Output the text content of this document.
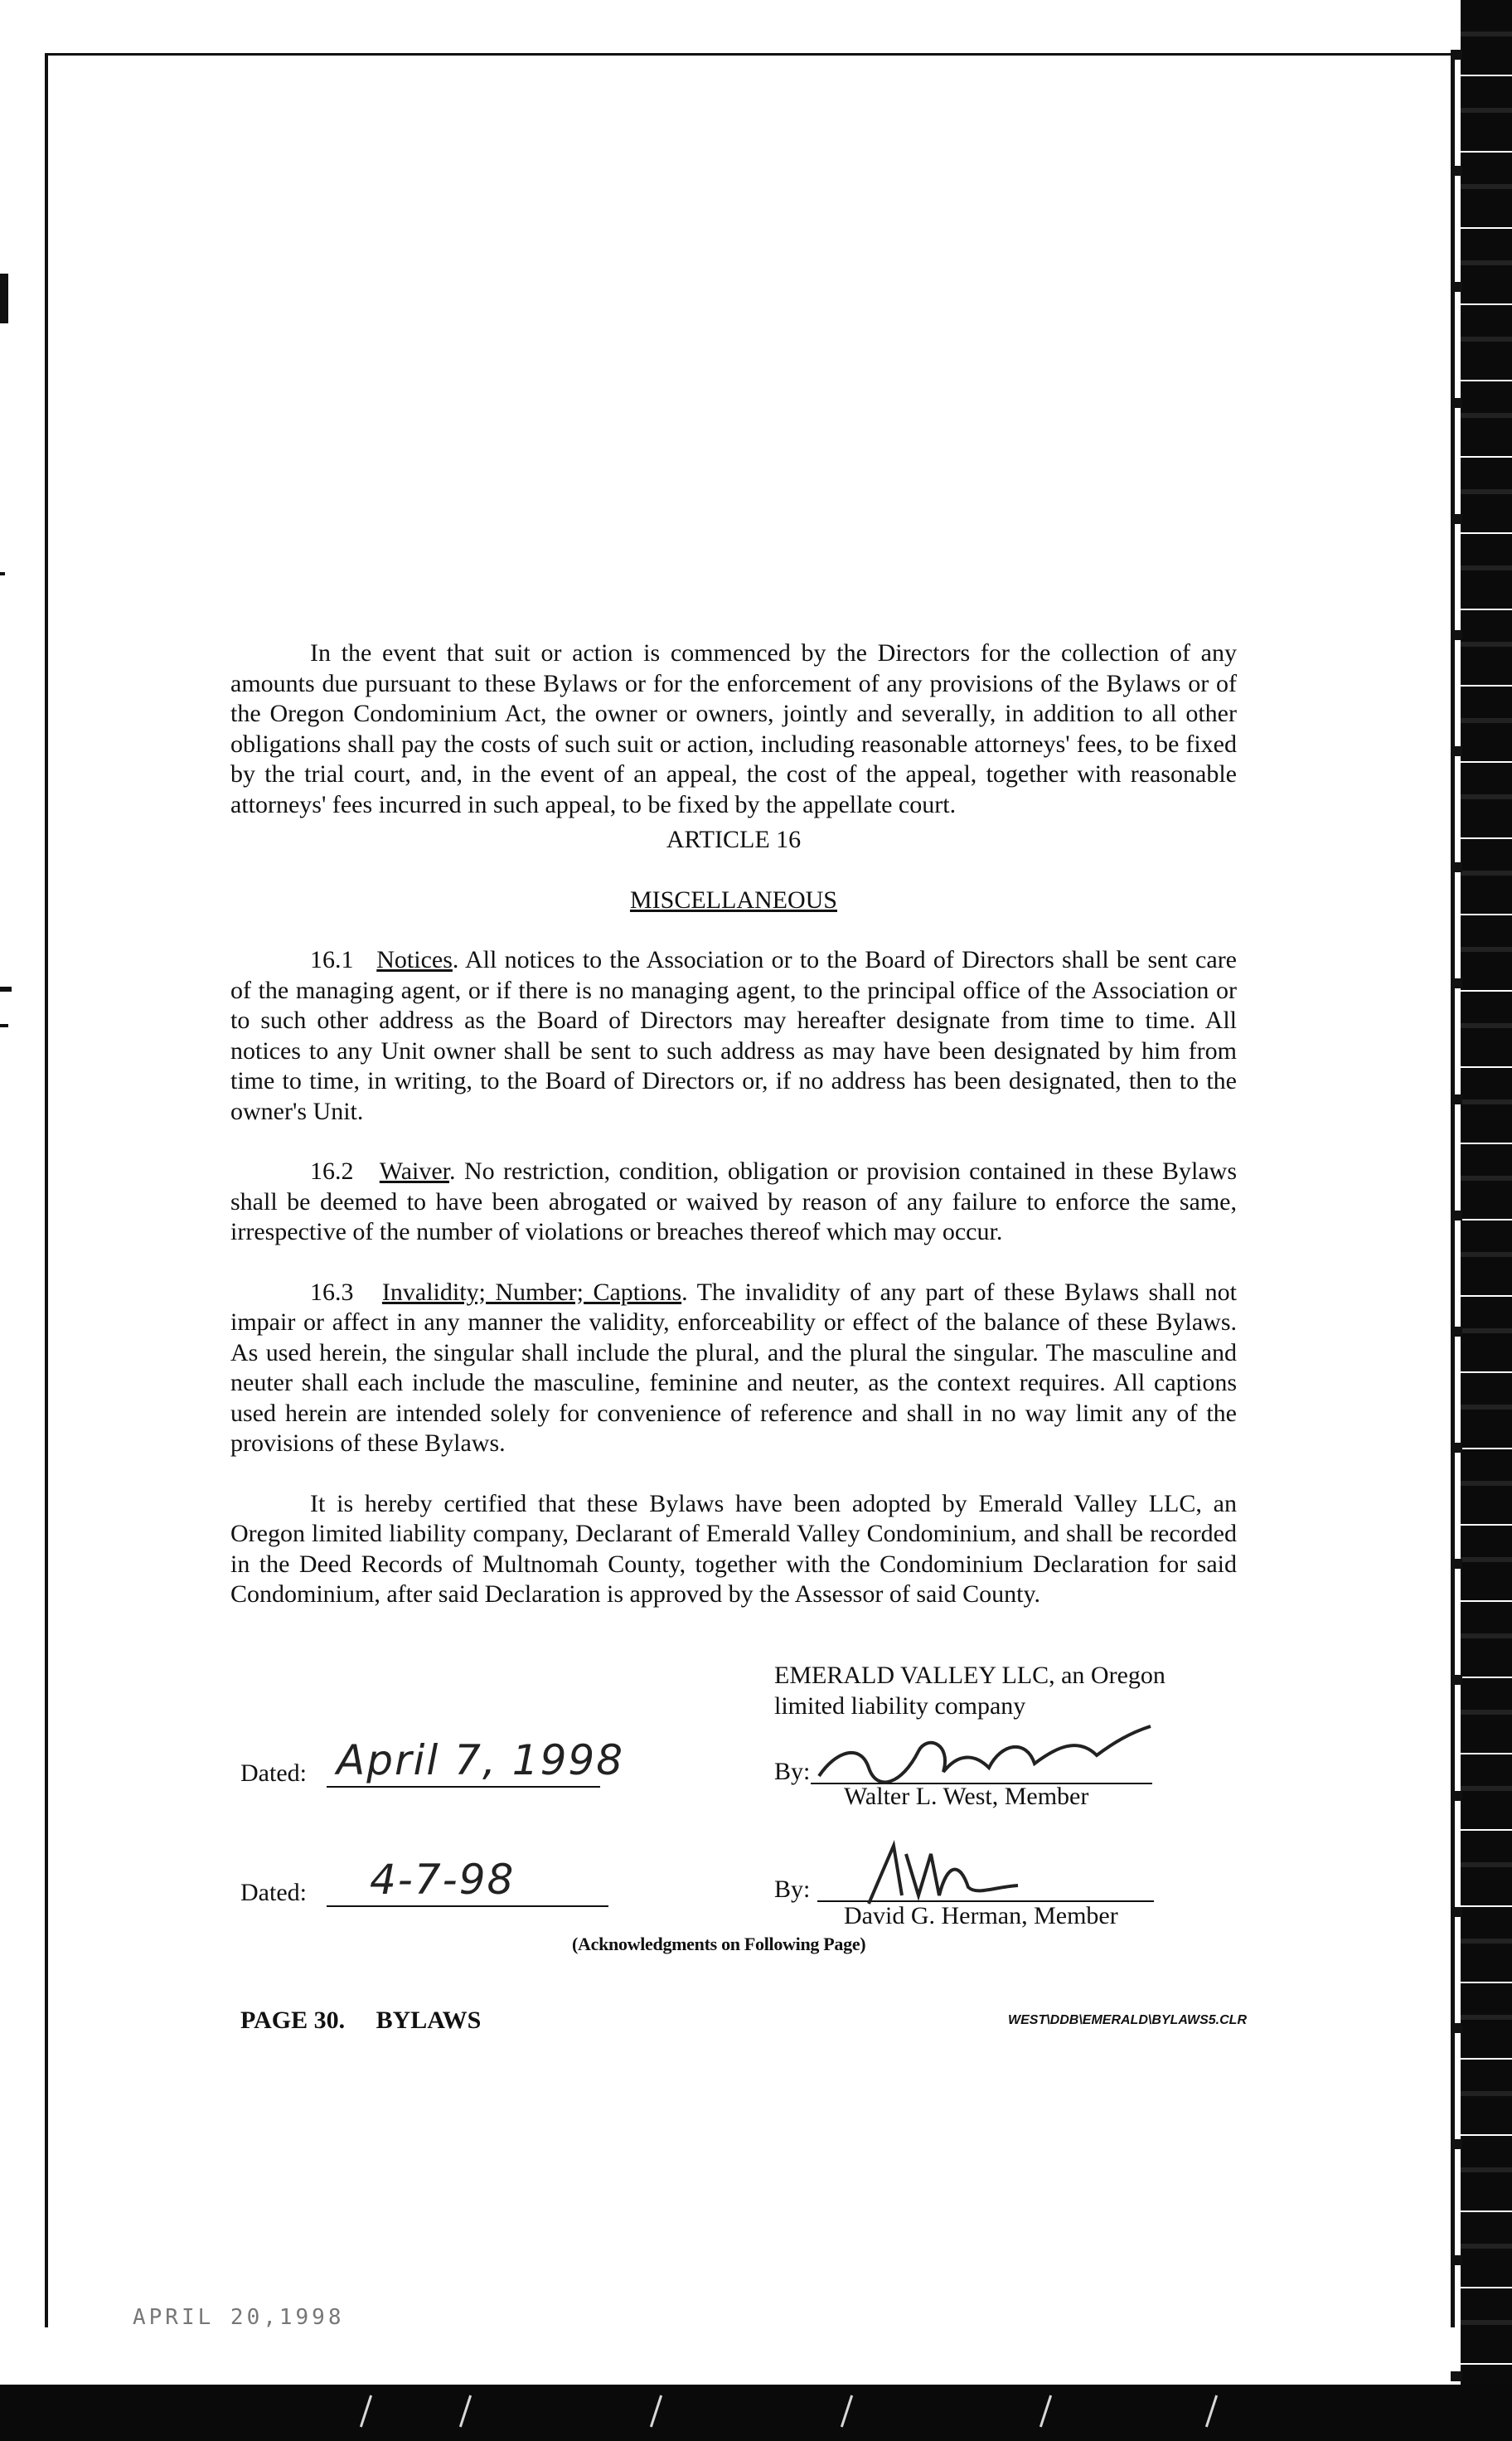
In the event that suit or action is commenced by the Directors for the collection of any amounts due pursuant to these Bylaws or for the enforcement of any provisions of the Bylaws or of the Oregon Condominium Act, the owner or owners, jointly and severally, in addition to all other obligations shall pay the costs of such suit or action, including reasonable attorneys' fees, to be fixed by the trial court, and, in the event of an appeal, the cost of the appeal, together with reasonable attorneys' fees incurred in such appeal, to be fixed by the appellate court.

ARTICLE 16

MISCELLANEOUS

16.1 Notices. All notices to the Association or to the Board of Directors shall be sent care of the managing agent, or if there is no managing agent, to the principal office of the Association or to such other address as the Board of Directors may hereafter designate from time to time. All notices to any Unit owner shall be sent to such address as may have been designated by him from time to time, in writing, to the Board of Directors or, if no address has been designated, then to the owner's Unit.

16.2 Waiver. No restriction, condition, obligation or provision contained in these Bylaws shall be deemed to have been abrogated or waived by reason of any failure to enforce the same, irrespective of the number of violations or breaches thereof which may occur.

16.3 Invalidity; Number; Captions. The invalidity of any part of these Bylaws shall not impair or affect in any manner the validity, enforceability or effect of the balance of these Bylaws. As used herein, the singular shall include the plural, and the plural the singular. The masculine and neuter shall each include the masculine, feminine and neuter, as the context requires. All captions used herein are intended solely for convenience of reference and shall in no way limit any of the provisions of these Bylaws.

It is hereby certified that these Bylaws have been adopted by Emerald Valley LLC, an Oregon limited liability company, Declarant of Emerald Valley Condominium, and shall be recorded in the Deed Records of Multnomah County, together with the Condominium Declaration for said Condominium, after said Declaration is approved by the Assessor of said County.

EMERALD VALLEY LLC, an Oregon
limited liability company
Dated: April 7, 1998	By:
Walter L. West, Member
Dated: 4-7-98	By:
David G. Herman, Member
(Acknowledgments on Following Page)
PAGE 30. BYLAWS	WEST\DDB\EMERALD\BYLAWS5.CLR
APRIL 20,1998
